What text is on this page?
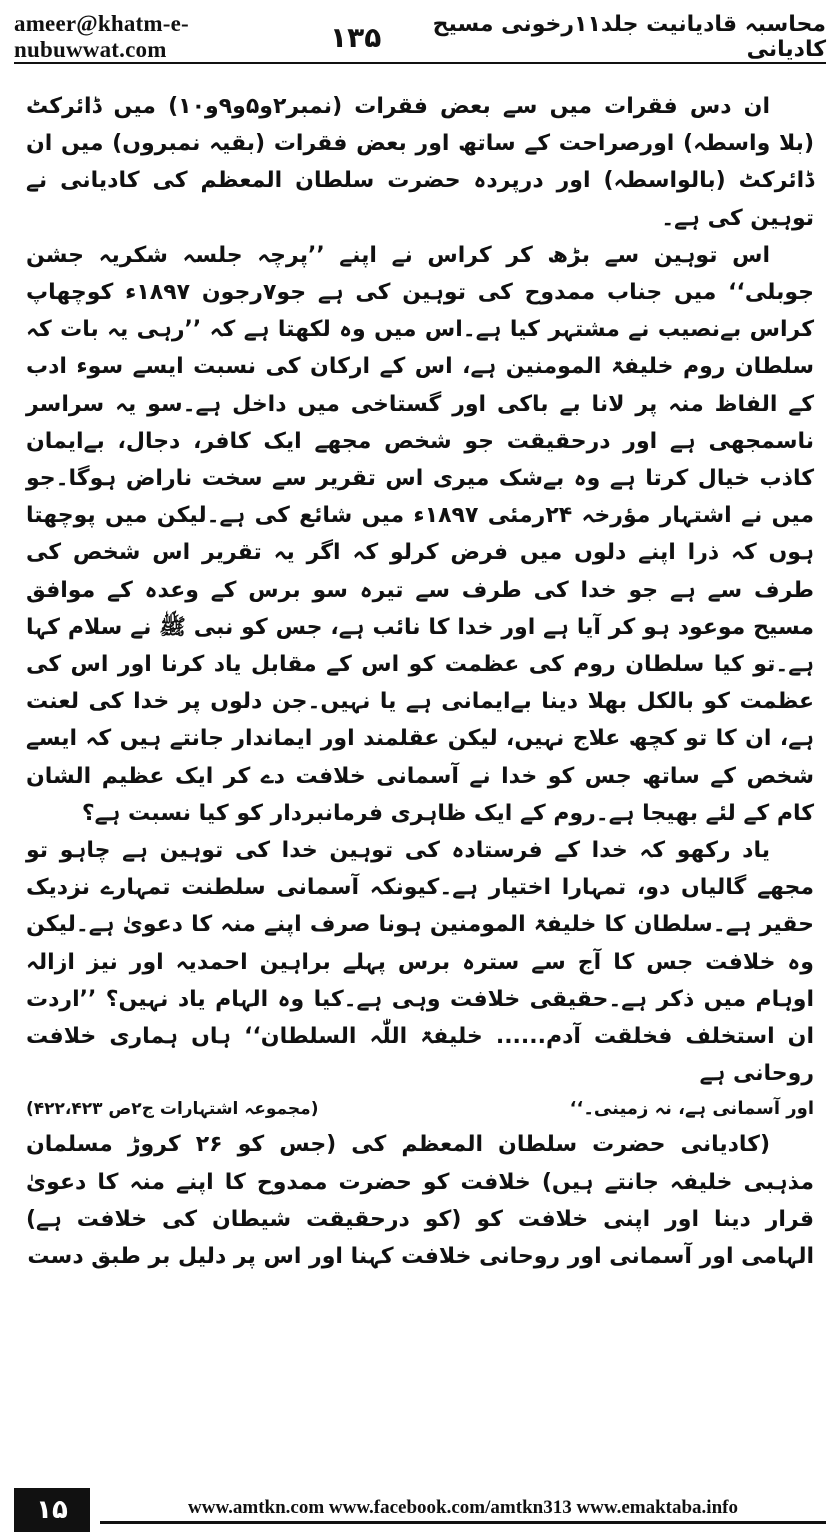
ameer@khatm-e-nubuwwat.com	۱۳۵	محاسبہ قادیانیت جلد۱۱رخونی مسیح کادیانی

ان دس فقرات میں سے بعض فقرات (نمبر۲و۵و۹و۱۰) میں ڈائرکٹ (بلا واسطہ) اورصراحت کے ساتھ اور بعض فقرات (بقیہ نمبروں) میں ان ڈائرکٹ (بالواسطہ) اور درپردہ حضرت سلطان المعظم کی کادیانی نے توہین کی ہے۔

اس توہین سے بڑھ کر کراس نے اپنے ’’پرچہ جلسہ شکریہ جشن جوبلی‘‘ میں جناب ممدوح کی توہین کی ہے جو۷رجون ۱۸۹۷ء کوچھاپ کراس بےنصیب نے مشتہر کیا ہے۔اس میں وہ لکھتا ہے کہ ’’رہی یہ بات کہ سلطان روم خلیفۃ المومنین ہے، اس کے ارکان کی نسبت ایسے سوء ادب کے الفاظ منہ پر لانا بے باکی اور گستاخی میں داخل ہے۔سو یہ سراسر ناسمجھی ہے اور درحقیقت جو شخص مجھے ایک کافر، دجال، بےایمان کاذب خیال کرتا ہے وہ بےشک میری اس تقریر سے سخت ناراض ہوگا۔جو میں نے اشتہار مؤرخہ ۲۴رمئی ۱۸۹۷ء میں شائع کی ہے۔لیکن میں پوچھتا ہوں کہ ذرا اپنے دلوں میں فرض کرلو کہ اگر یہ تقریر اس شخص کی طرف سے ہے جو خدا کی طرف سے تیرہ سو برس کے وعدہ کے موافق مسیح موعود ہو کر آیا ہے اور خدا کا نائب ہے، جس کو نبی ﷺ نے سلام کہا ہے۔تو کیا سلطان روم کی عظمت کو اس کے مقابل یاد کرنا اور اس کی عظمت کو بالکل بھلا دینا بےایمانی ہے یا نہیں۔جن دلوں پر خدا کی لعنت ہے، ان کا تو کچھ علاج نہیں، لیکن عقلمند اور ایماندار جانتے ہیں کہ ایسے شخص کے ساتھ جس کو خدا نے آسمانی خلافت دے کر ایک عظیم الشان کام کے لئے بھیجا ہے۔روم کے ایک ظاہری فرمانبردار کو کیا نسبت ہے؟

یاد رکھو کہ خدا کے فرستادہ کی توہین خدا کی توہین ہے چاہو تو مجھے گالیاں دو، تمہارا اختیار ہے۔کیونکہ آسمانی سلطنت تمہارے نزدیک حقیر ہے۔سلطان کا خلیفۃ المومنین ہونا صرف اپنے منہ کا دعویٰ ہے۔لیکن وہ خلافت جس کا آج سے سترہ برس پہلے براہین احمدیہ اور نیز ازالہ اوہام میں ذکر ہے۔حقیقی خلافت وہی ہے۔کیا وہ الہام یاد نہیں؟ ’’اردت ان استخلف فخلقت آدم...... خلیفۃ اللّٰہ السلطان‘‘ ہاں ہماری خلافت روحانی ہے

اور آسمانی ہے، نہ زمینی۔‘‘
(مجموعہ اشتہارات ج۲ص ۴۲۲،۴۲۳)

(کادیانی حضرت سلطان المعظم کی (جس کو ۲۶ کروڑ مسلمان مذہبی خلیفہ جانتے ہیں) خلافت کو حضرت ممدوح کا اپنے منہ کا دعویٰ قرار دینا اور اپنی خلافت کو (کو درحقیقت شیطان کی خلافت ہے) الہامی اور آسمانی اور روحانی خلافت کہنا اور اس پر دلیل بر طبق دست

۱۵	www.amtkn.com www.facebook.com/amtkn313 www.emaktaba.info
